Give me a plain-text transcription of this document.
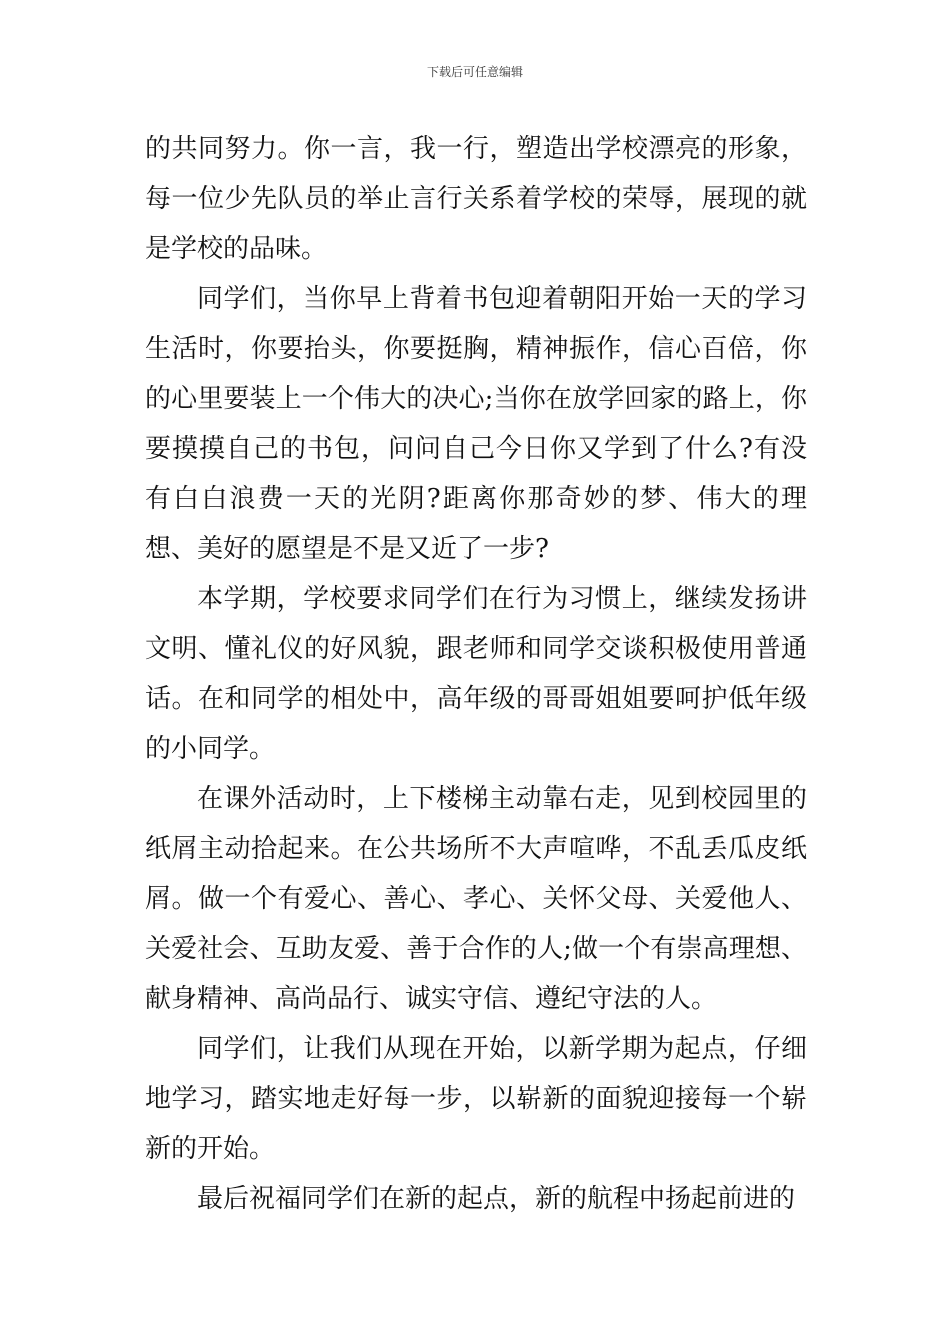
下载后可任意编辑

的共同努力。你一言，我一行，塑造出学校漂亮的形象，每一位少先队员的举止言行关系着学校的荣辱，展现的就是学校的品味。

同学们，当你早上背着书包迎着朝阳开始一天的学习生活时，你要抬头，你要挺胸，精神振作，信心百倍，你的心里要装上一个伟大的决心;当你在放学回家的路上，你要摸摸自己的书包，问问自己今日你又学到了什么?有没有白白浪费一天的光阴?距离你那奇妙的梦、伟大的理想、美好的愿望是不是又近了一步?

本学期，学校要求同学们在行为习惯上，继续发扬讲文明、懂礼仪的好风貌，跟老师和同学交谈积极使用普通话。在和同学的相处中，高年级的哥哥姐姐要呵护低年级的小同学。

在课外活动时，上下楼梯主动靠右走，见到校园里的纸屑主动拾起来。在公共场所不大声喧哗，不乱丢瓜皮纸屑。做一个有爱心、善心、孝心、关怀父母、关爱他人、关爱社会、互助友爱、善于合作的人;做一个有崇高理想、献身精神、高尚品行、诚实守信、遵纪守法的人。

同学们，让我们从现在开始，以新学期为起点，仔细地学习，踏实地走好每一步，以崭新的面貌迎接每一个崭新的开始。

最后祝福同学们在新的起点，新的航程中扬起前进的
